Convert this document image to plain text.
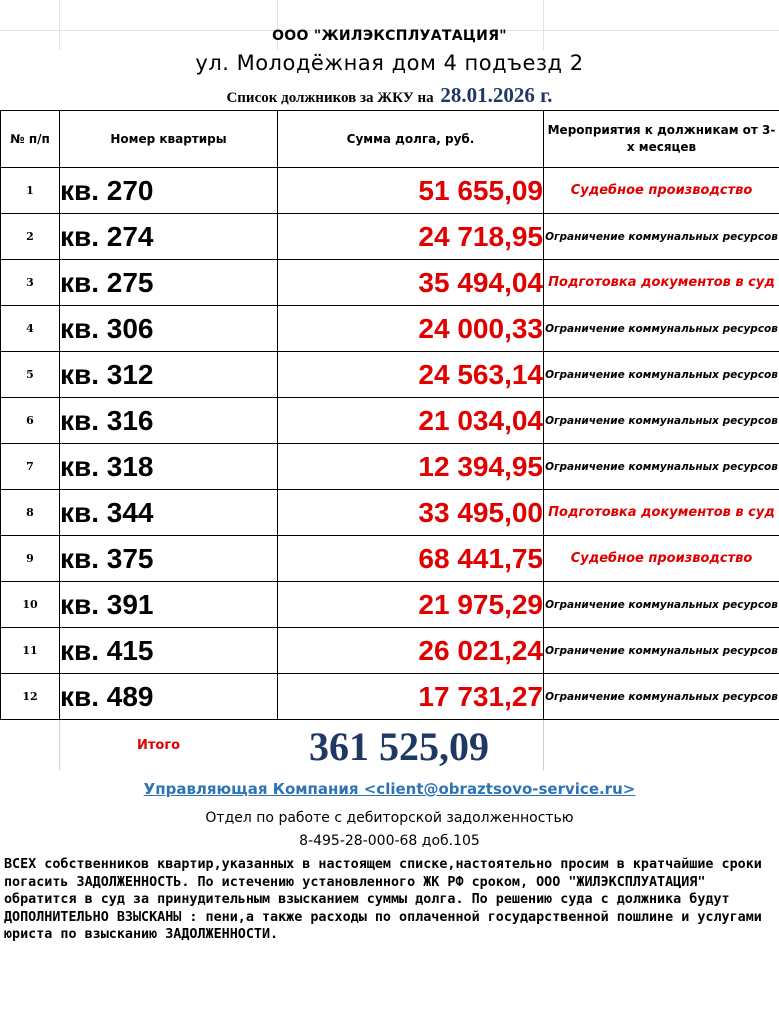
ООО "ЖИЛЭКСПЛУАТАЦИЯ"
ул. Молодёжная дом 4 подъезд 2
Список должников за ЖКУ на 28.01.2026 г.
№ п/п	Номер квартиры	Сумма долга, руб.	Мероприятия к должникам от 3-х месяцев
1	кв. 270	51 655,09	Судебное производство
2	кв. 274	24 718,95	Ограничение коммунальных ресурсов
3	кв. 275	35 494,04	Подготовка документов в суд
4	кв. 306	24 000,33	Ограничение коммунальных ресурсов
5	кв. 312	24 563,14	Ограничение коммунальных ресурсов
6	кв. 316	21 034,04	Ограничение коммунальных ресурсов
7	кв. 318	12 394,95	Ограничение коммунальных ресурсов
8	кв. 344	33 495,00	Подготовка документов в суд
9	кв. 375	68 441,75	Судебное производство
10	кв. 391	21 975,29	Ограничение коммунальных ресурсов
11	кв. 415	26 021,24	Ограничение коммунальных ресурсов
12	кв. 489	17 731,27	Ограничение коммунальных ресурсов
Итого	361 525,09
Управляющая Компания <client@obraztsovo-service.ru>
Отдел по работе с дебиторской задолженностью
8-495-28-000-68 доб.105
ВСЕХ собственников квартир,указанных в настоящем списке,настоятельно просим в кратчайшие сроки погасить ЗАДОЛЖЕННОСТЬ. По истечению установленного ЖК РФ сроком, ООО "ЖИЛЭКСПЛУАТАЦИЯ" обратится в суд за принудительным взысканием суммы долга. По решению суда с должника будут ДОПОЛНИТЕЛЬНО ВЗЫСКАНЫ : пени,а также расходы по оплаченной государственной пошлине и услугами юриста по взысканию ЗАДОЛЖЕННОСТИ.
